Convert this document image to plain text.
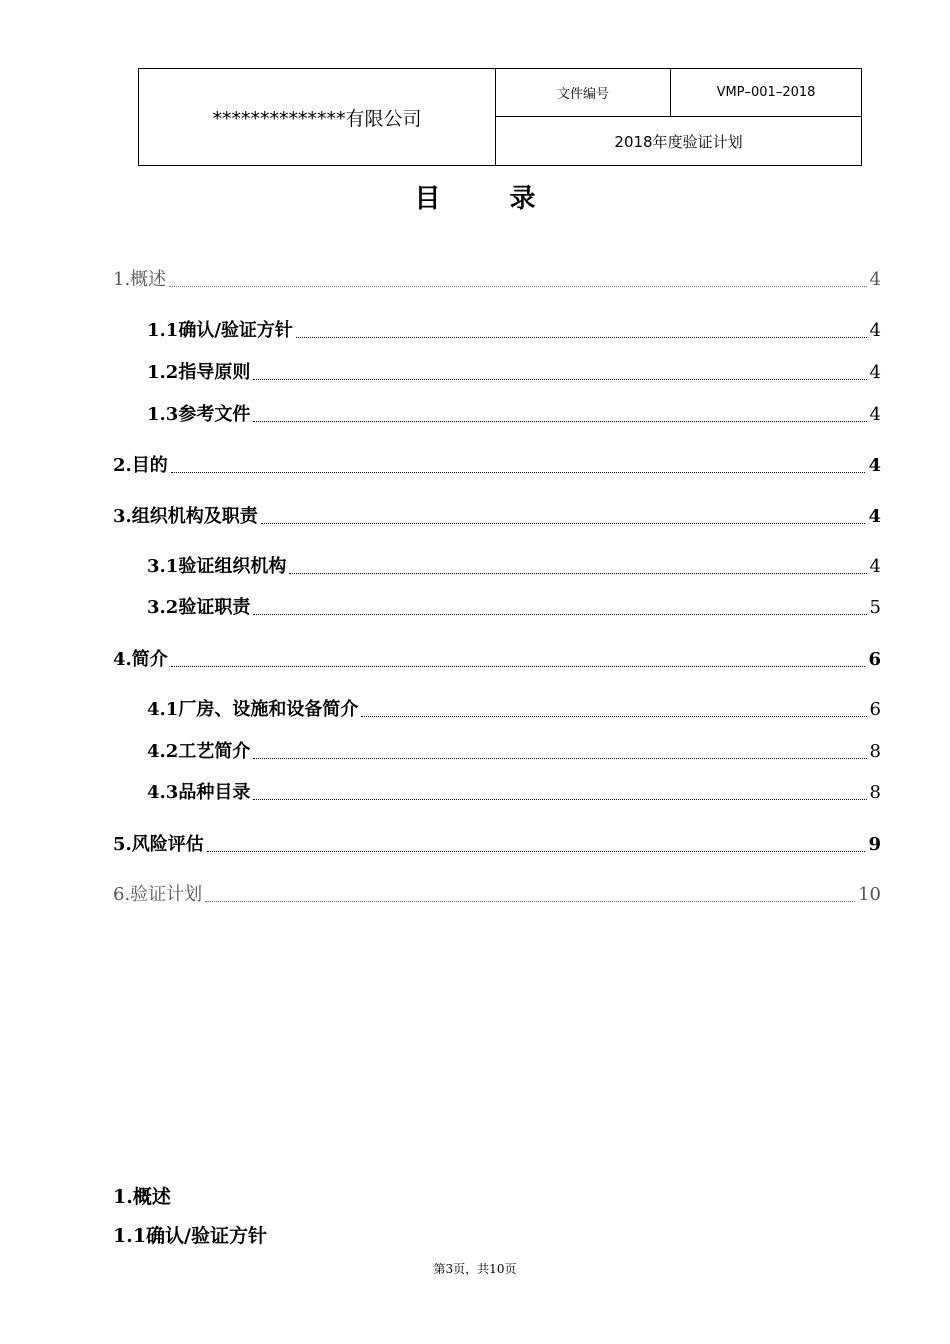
**************有限公司
文件编号	VMP–001–2018
2018年度验证计划
目 录
1.概述	4
1.1确认/验证方针	4
1.2指导原则	4
1.3参考文件	4
2.目的	4
3.组织机构及职责	4
3.1验证组织机构	4
3.2验证职责	5
4.简介	6
4.1厂房、设施和设备简介	6
4.2工艺简介	8
4.3品种目录	8
5.风险评估	9
6.验证计划	10
1.概述
1.1确认/验证方针
第3页，共10页
